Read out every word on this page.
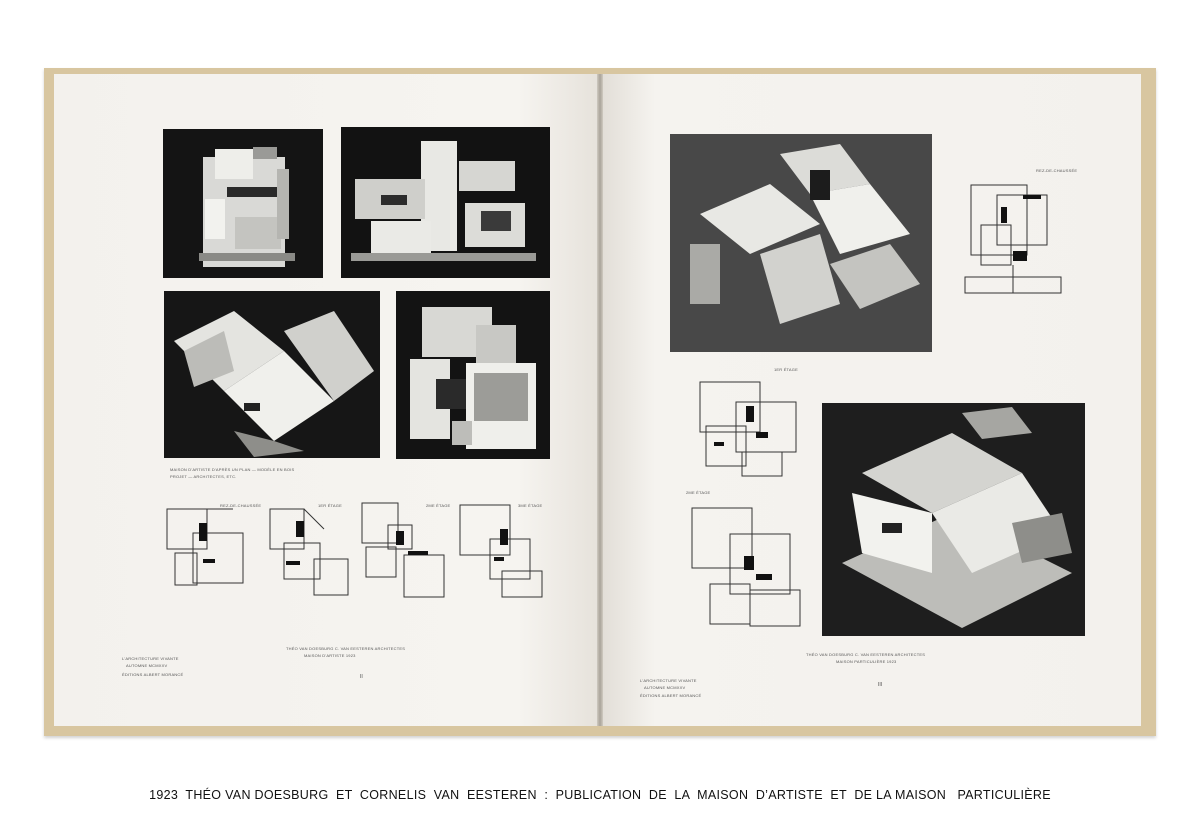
MAISON D'ARTISTE D'APRÈS UN PLAN — MODÈLE EN BOIS
PROJET — ARCHITECTES, ETC.
REZ-DE-CHAUSSÉE	1ER ÉTAGE	2ME ÉTAGE	3ME ÉTAGE
THÉO VAN DOESBURG C. VAN EESTEREN ARCHITECTES
MAISON D'ARTISTE 1923
L'ARCHITECTURE VIVANTE
AUTOMNE MCMXXV
ÉDITIONS ALBERT MORANCÉ	II
REZ-DE-CHAUSSÉE
1ER ÉTAGE
2ME ÉTAGE
THÉO VAN DOESBURG C. VAN EESTEREN ARCHITECTES
MAISON PARTICULIÈRE 1923
L'ARCHITECTURE VIVANTE
AUTOMNE MCMXXV
ÉDITIONS ALBERT MORANCÉ
III
1923  THÉO VAN DOESBURG  ET  CORNELIS  VAN  EESTEREN  :  PUBLICATION  DE  LA  MAISON  D’ARTISTE  ET  DE LA MAISON   PARTICULIÈRE
